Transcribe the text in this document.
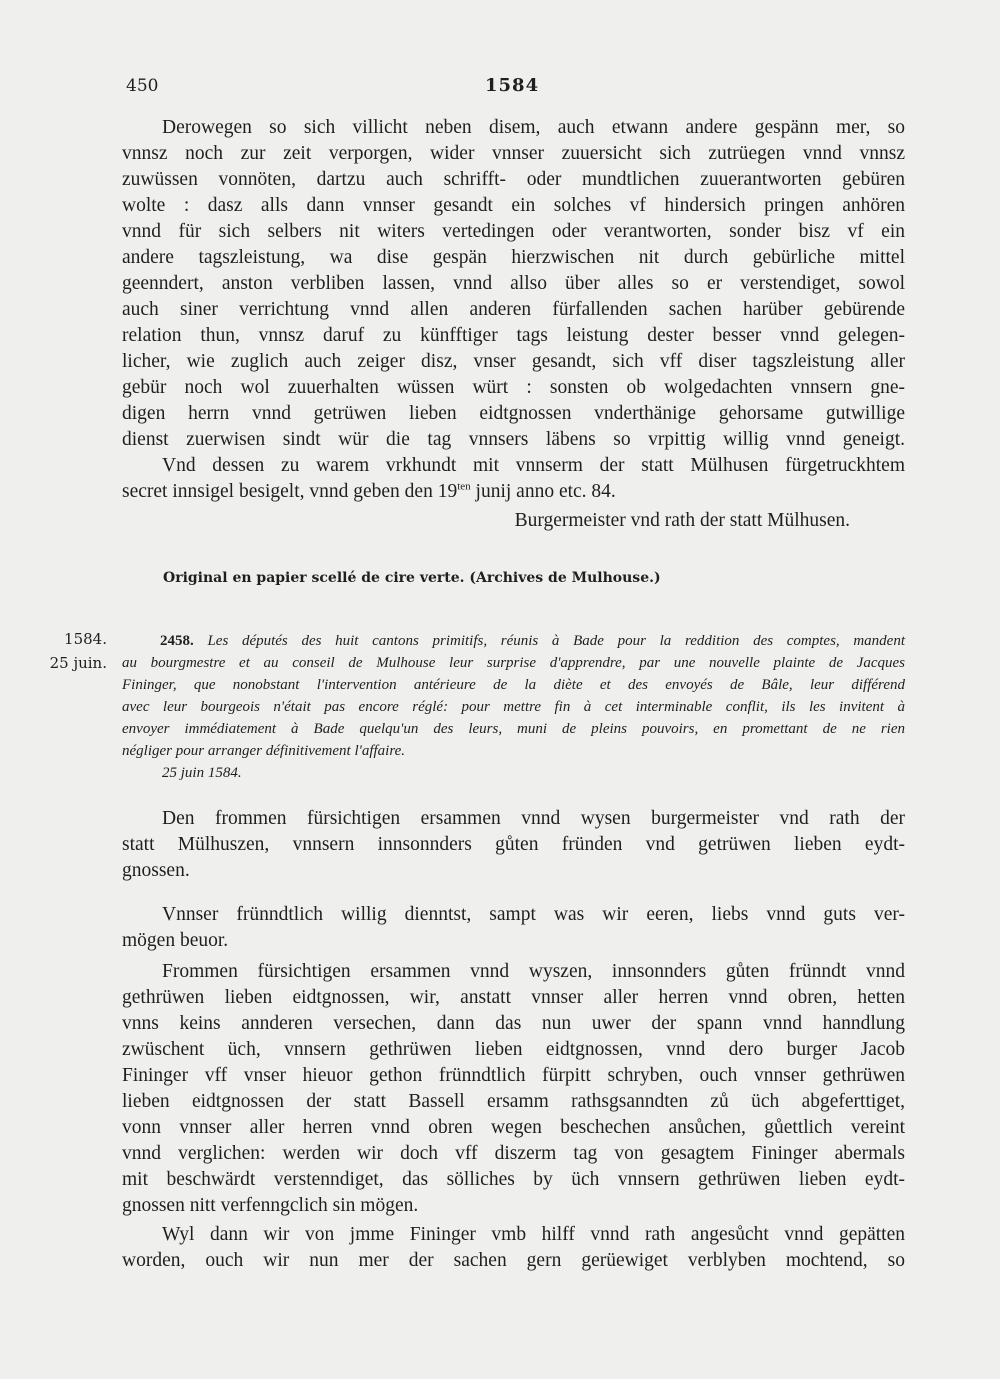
450	1584
Derowegen so sich villicht neben disem, auch etwann andere gespänn mer, so
vnnsz noch zur zeit verporgen, wider vnnser zuuersicht sich zutrüegen vnnd vnnsz
zuwüssen vonnöten, dartzu auch schrifft- oder mundtlichen zuuerantworten gebüren
wolte : dasz alls dann vnnser gesandt ein solches vf hindersich pringen anhören
vnnd für sich selbers nit witers vertedingen oder verantworten, sonder bisz vf ein
andere tagszleistung, wa dise gespän hierzwischen nit durch gebürliche mittel
geenndert, anston verbliben lassen, vnnd allso über alles so er verstendiget, sowol
auch siner verrichtung vnnd allen anderen fürfallenden sachen harüber gebürende
relation thun, vnnsz daruf zu künfftiger tags leistung dester besser vnnd gelegen-
licher, wie zuglich auch zeiger disz, vnser gesandt, sich vff diser tagszleistung aller
gebür noch wol zuuerhalten wüssen würt : sonsten ob wolgedachten vnnsern gne-
digen herrn vnnd getrüwen lieben eidtgnossen vnderthänige gehorsame gutwillige
dienst zuerwisen sindt wür die tag vnnsers läbens so vrpittig willig vnnd geneigt.
Vnd dessen zu warem vrkhundt mit vnnserm der statt Mülhusen fürgetruckhtem
secret innsigel besigelt, vnnd geben den $19^{ten}$ junij anno etc. 84.
Burgermeister vnd rath der statt Mülhusen.
Original en papier scellé de cire verte. (Archives de Mulhouse.)
1584.
25 juin.
2458. Les députés des huit cantons primitifs, réunis à Bade pour la reddition des comptes, mandent
au bourgmestre et au conseil de Mulhouse leur surprise d'apprendre, par une nouvelle plainte de Jacques
Fininger, que nonobstant l'intervention antérieure de la diète et des envoyés de Bâle, leur différend
avec leur bourgeois n'était pas encore réglé: pour mettre fin à cet interminable conflit, ils les invitent à
envoyer immédiatement à Bade quelqu'un des leurs, muni de pleins pouvoirs, en promettant de ne rien
négliger pour arranger définitivement l'affaire.
25 juin 1584.
Den frommen fürsichtigen ersammen vnnd wysen burgermeister vnd rath der
statt Mülhuszen, vnnsern innsonnders gůten fründen vnd getrüwen lieben eydt-
gnossen.
Vnnser frünndtlich willig dienntst, sampt was wir eeren, liebs vnnd guts ver-
mögen beuor.
Frommen fürsichtigen ersammen vnnd wyszen, innsonnders gůten frünndt vnnd
gethrüwen lieben eidtgnossen, wir, anstatt vnnser aller herren vnnd obren, hetten
vnns keins annderen versechen, dann das nun uwer der spann vnnd hanndlung
zwüschent üch, vnnsern gethrüwen lieben eidtgnossen, vnnd dero burger Jacob
Fininger vff vnser hieuor gethon frünndtlich fürpitt schryben, ouch vnnser gethrüwen
lieben eidtgnossen der statt Bassell ersamm rathsgsanndten zů üch abgeferttiget,
vonn vnnser aller herren vnnd obren wegen beschechen ansůchen, gůettlich vereint
vnnd verglichen: werden wir doch vff diszerm tag von gesagtem Fininger abermals
mit beschwärdt verstenndiget, das sölliches by üch vnnsern gethrüwen lieben eydt-
gnossen nitt verfenngclich sin mögen.
Wyl dann wir von jmme Fininger vmb hilff vnnd rath angesůcht vnnd gepätten
worden, ouch wir nun mer der sachen gern gerüewiget verblyben mochtend, so
